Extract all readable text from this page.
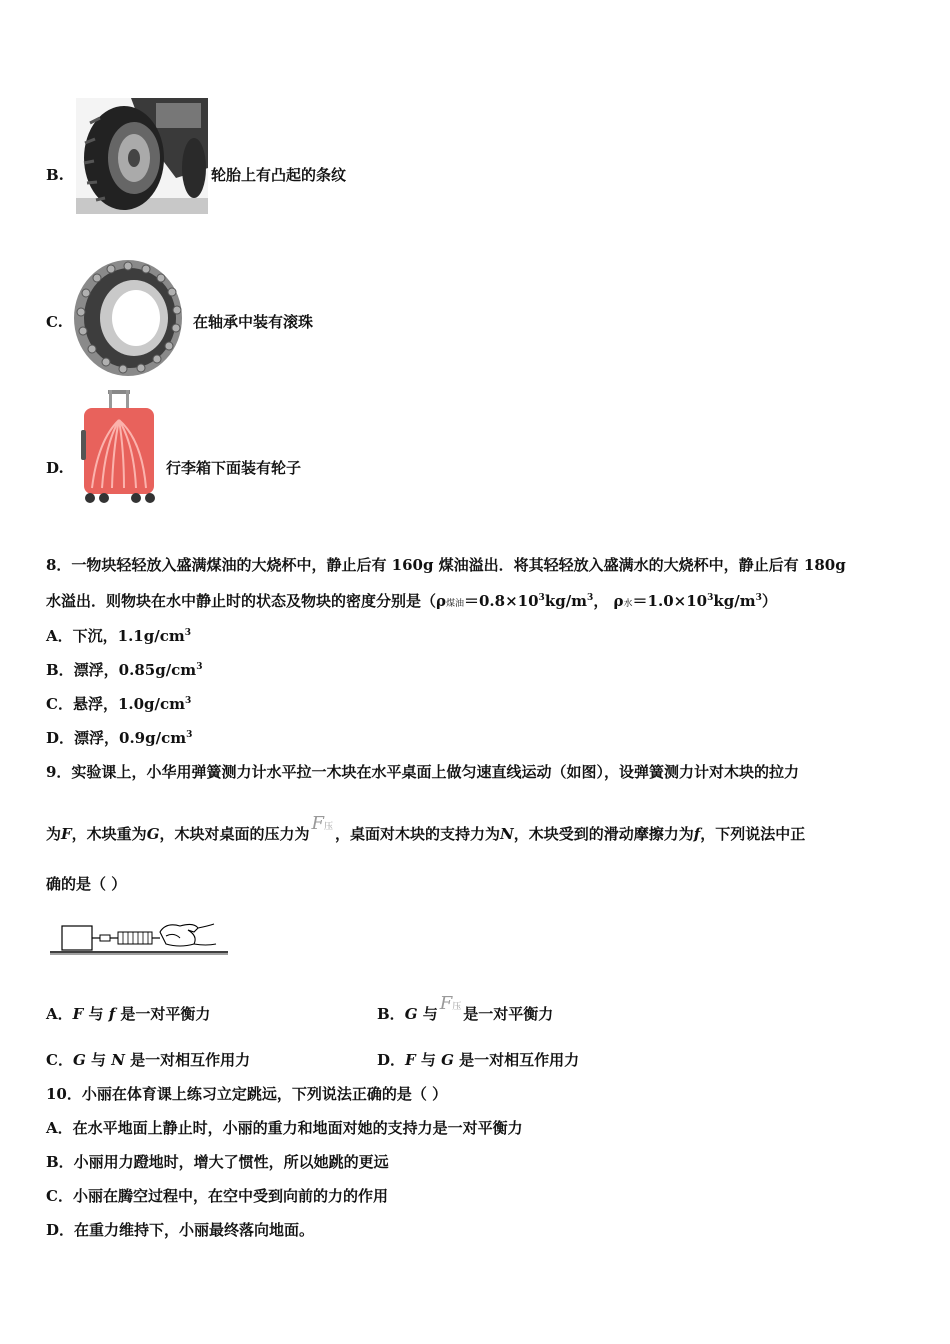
B.	轮胎上有凸起的条纹
C.	在轴承中装有滚珠
D.	行李箱下面装有轮子
8．一物块轻轻放入盛满煤油的大烧杯中，静止后有 160g 煤油溢出．将其轻轻放入盛满水的大烧杯中，静止后有 180g
水溢出．则物块在水中静止时的状态及物块的密度分别是（ρ煤油$=0.8\times 10^3kg/m^3$， ρ水$=1.0\times 10^3kg/m^3$）
A．下沉，$1.1g/cm^3$
B．漂浮，$0.85g/cm^3$
C．悬浮，$1.0g/cm^3$
D．漂浮，$0.9g/cm^3$
9．实验课上，小华用弹簧测力计水平拉一木块在水平桌面上做匀速直线运动（如图），设弹簧测力计对木块的拉力
为F，木块重为G，木块对桌面的压力为 F压 ，桌面对木块的支持力为N，木块受到的滑动摩擦力为f，下列说法中正
确的是（ ）
A．F 与 f 是一对平衡力	B．G 与 F压 是一对平衡力
C．G 与 N 是一对相互作用力	D．F 与 G 是一对相互作用力
10．小丽在体育课上练习立定跳远，下列说法正确的是（ ）
A．在水平地面上静止时，小丽的重力和地面对她的支持力是一对平衡力
B．小丽用力蹬地时，增大了惯性，所以她跳的更远
C．小丽在腾空过程中，在空中受到向前的力的作用
D．在重力维持下，小丽最终落向地面。
